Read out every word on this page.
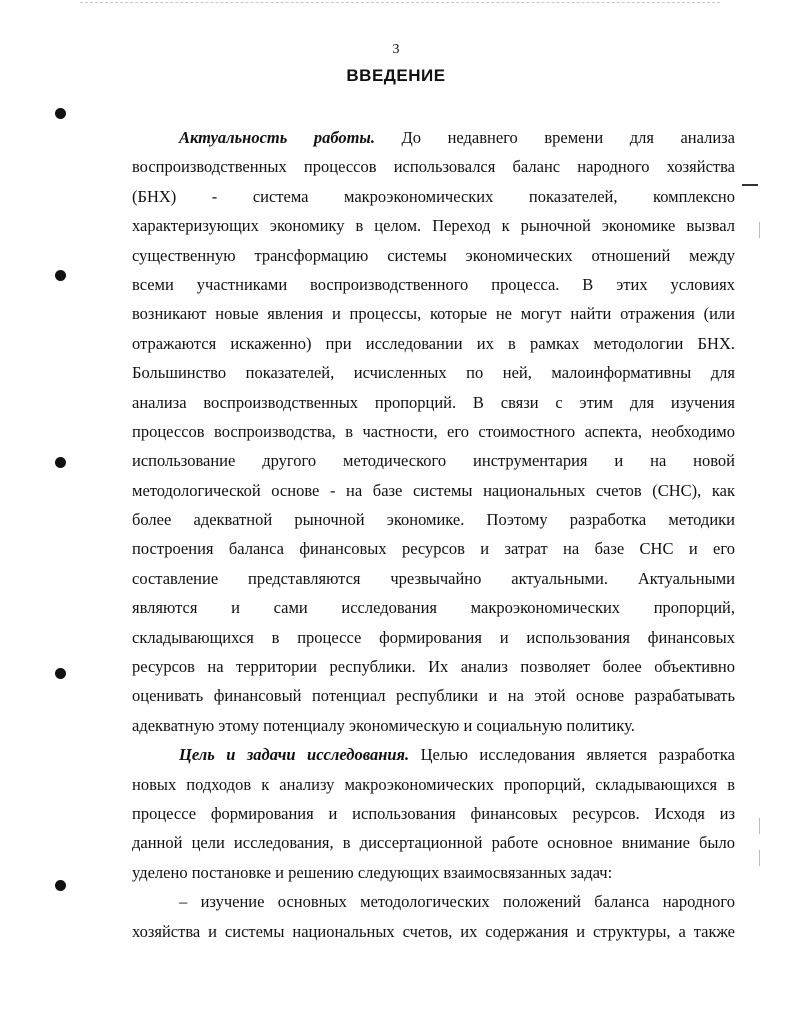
3
ВВЕДЕНИЕ
Актуальность работы. До недавнего времени для анализа
воспроизводственных процессов использовался баланс народного хозяйства
(БНХ) - система макроэкономических показателей, комплексно
характеризующих экономику в целом. Переход к рыночной экономике вызвал
существенную трансформацию системы экономических отношений между
всеми участниками воспроизводственного процесса. В этих условиях
возникают новые явления и процессы, которые не могут найти отражения (или
отражаются искаженно) при исследовании их в рамках методологии БНХ.
Большинство показателей, исчисленных по ней, малоинформативны для
анализа воспроизводственных пропорций. В связи с этим для изучения
процессов воспроизводства, в частности, его стоимостного аспекта, необходимо
использование другого методического инструментария и на новой
методологической основе - на базе системы национальных счетов (СНС), как
более адекватной рыночной экономике. Поэтому разработка методики
построения баланса финансовых ресурсов и затрат на базе СНС и его
составление представляются чрезвычайно актуальными. Актуальными
являются и сами исследования макроэкономических пропорций,
складывающихся в процессе формирования и использования финансовых
ресурсов на территории республики. Их анализ позволяет более объективно
оценивать финансовый потенциал республики и на этой основе разрабатывать
адекватную этому потенциалу экономическую и социальную политику.
Цель и задачи исследования. Целью исследования является разработка
новых подходов к анализу макроэкономических пропорций, складывающихся в
процессе формирования и использования финансовых ресурсов. Исходя из
данной цели исследования, в диссертационной работе основное внимание было
уделено постановке и решению следующих взаимосвязанных задач:
– изучение основных методологических положений баланса народного
хозяйства и системы национальных счетов, их содержания и структуры, а также
